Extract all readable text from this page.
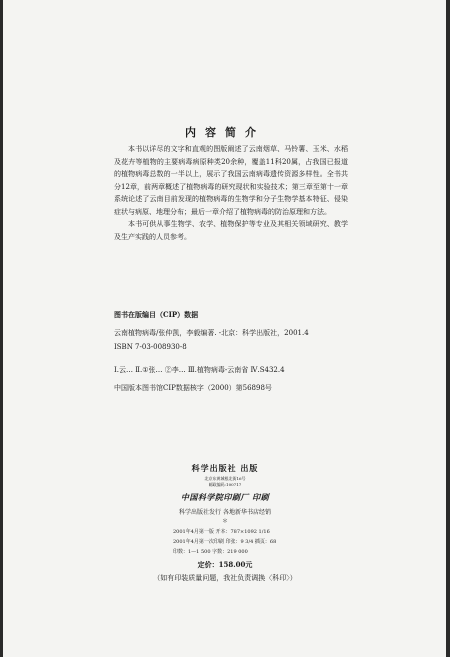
内容简介

本书以详尽的文字和直观的图版阐述了云南烟草、马铃薯、玉米、水稻及花卉等植物的主要病毒病原种类20余种，覆盖11科20属，占我国已报道的植物病毒总数的一半以上，展示了我国云南病毒遗传资源多样性。全书共分12章，前两章概述了植物病毒的研究现状和实验技术；第三章至第十一章系统论述了云南目前发现的植物病毒的生物学和分子生物学基本特征、侵染症状与病原、地理分布；最后一章介绍了植物病毒的防治原理和方法。

本书可供从事生物学、农学、植物保护等专业及其相关领域研究、教学及生产实践的人员参考。

图书在版编目（CIP）数据
云南植物病毒/张仲凯，李毅编著. -北京：科学出版社，2001.4
ISBN 7-03-008930-8
Ⅰ.云… Ⅱ.①张… ②李… Ⅲ.植物病毒-云南省 Ⅳ.S432.4
中国版本图书馆CIP数据核字（2000）第56898号
科学出版社 出版
北京东黄城根北街16号
邮政编码:100717
中国科学院印刷厂 印刷
科学出版社发行 各地新华书店经销
＊
2001年4月第一版 开本：787×1092 1/16
2001年4月第一次印刷 印张：9 3/4 插页：68
印数：1—1 500 字数：219 000
定价：158.00元
（如有印装质量问题，我社负责调换〈科印〉）
